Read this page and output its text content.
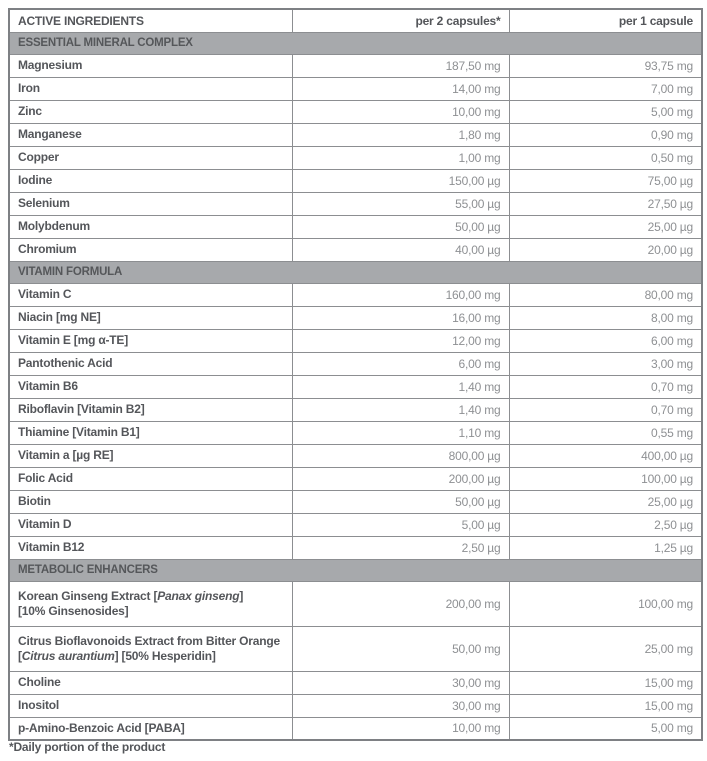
ACTIVE INGREDIENTS	per 2 capsules*	per 1 capsule
ESSENTIAL MINERAL COMPLEX		

Magnesium	187,50 mg	93,75 mg

Iron	14,00 mg	7,00 mg

Zinc	10,00 mg	5,00 mg

Manganese	1,80 mg	0,90 mg

Copper	1,00 mg	0,50 mg

Iodine	150,00 µg	75,00 µg

Selenium	55,00 µg	27,50 µg

Molybdenum	50,00 µg	25,00 µg

Chromium	40,00 µg	20,00 µg
VITAMIN FORMULA		

Vitamin C	160,00 mg	80,00 mg

Niacin [mg NE]	16,00 mg	8,00 mg

Vitamin E [mg α-TE]	12,00 mg	6,00 mg

Pantothenic Acid	6,00 mg	3,00 mg

Vitamin B6	1,40 mg	0,70 mg

Riboflavin [Vitamin B2]	1,40 mg	0,70 mg

Thiamine [Vitamin B1]	1,10 mg	0,55 mg

Vitamin a [µg RE]	800,00 µg	400,00 µg

Folic Acid	200,00 µg	100,00 µg

Biotin	50,00 µg	25,00 µg

Vitamin D	5,00 µg	2,50 µg

Vitamin B12	2,50 µg	1,25 µg
METABOLIC ENHANCERS		

Korean Ginseng Extract [Panax ginseng]
[10% Ginsenosides]	200,00 mg	100,00 mg

Citrus Bioflavonoids Extract from Bitter Orange
[Citrus aurantium] [50% Hesperidin]	50,00 mg	25,00 mg

Choline	30,00 mg	15,00 mg

Inositol	30,00 mg	15,00 mg

p-Amino-Benzoic Acid [PABA]	10,00 mg	5,00 mg
*Daily portion of the product
